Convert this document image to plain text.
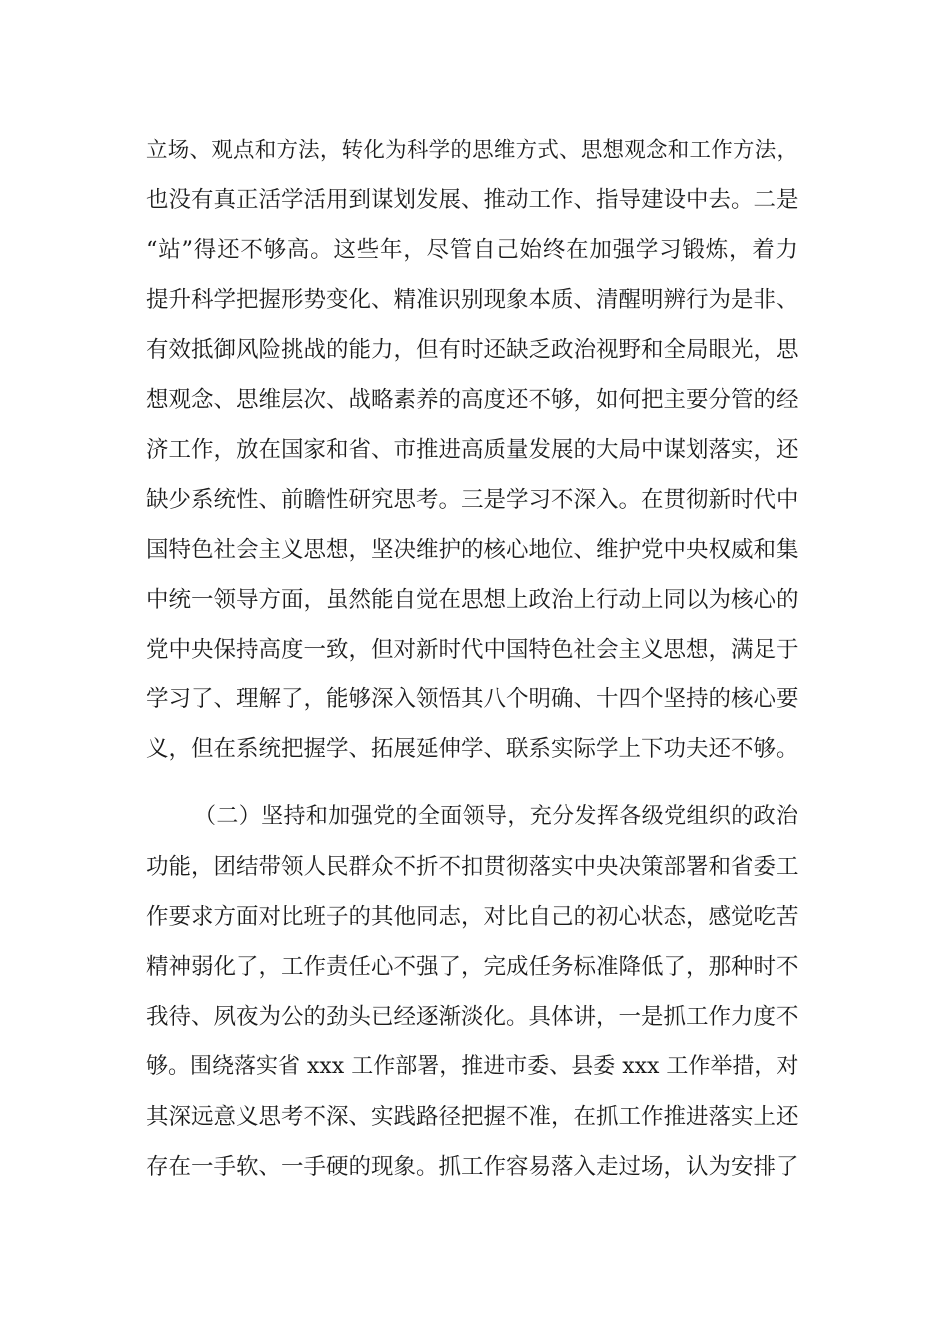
立场、观点和方法，转化为科学的思维方式、思想观念和工作方法，
也没有真正活学活用到谋划发展、推动工作、指导建设中去。二是
“站”得还不够高。这些年，尽管自己始终在加强学习锻炼，着力
提升科学把握形势变化、精准识别现象本质、清醒明辨行为是非、
有效抵御风险挑战的能力，但有时还缺乏政治视野和全局眼光，思
想观念、思维层次、战略素养的高度还不够，如何把主要分管的经
济工作，放在国家和省、市推进高质量发展的大局中谋划落实，还
缺少系统性、前瞻性研究思考。三是学习不深入。在贯彻新时代中
国特色社会主义思想，坚决维护的核心地位、维护党中央权威和集
中统一领导方面，虽然能自觉在思想上政治上行动上同以为核心的
党中央保持高度一致，但对新时代中国特色社会主义思想，满足于
学习了、理解了，能够深入领悟其八个明确、十四个坚持的核心要
义，但在系统把握学、拓展延伸学、联系实际学上下功夫还不够。
（二）坚持和加强党的全面领导，充分发挥各级党组织的政治
功能，团结带领人民群众不折不扣贯彻落实中央决策部署和省委工
作要求方面对比班子的其他同志，对比自己的初心状态，感觉吃苦
精神弱化了，工作责任心不强了，完成任务标准降低了，那种时不
我待、夙夜为公的劲头已经逐渐淡化。具体讲，一是抓工作力度不
够。围绕落实省 xxx 工作部署，推进市委、县委 xxx 工作举措，对
其深远意义思考不深、实践路径把握不准，在抓工作推进落实上还
存在一手软、一手硬的现象。抓工作容易落入走过场，认为安排了
